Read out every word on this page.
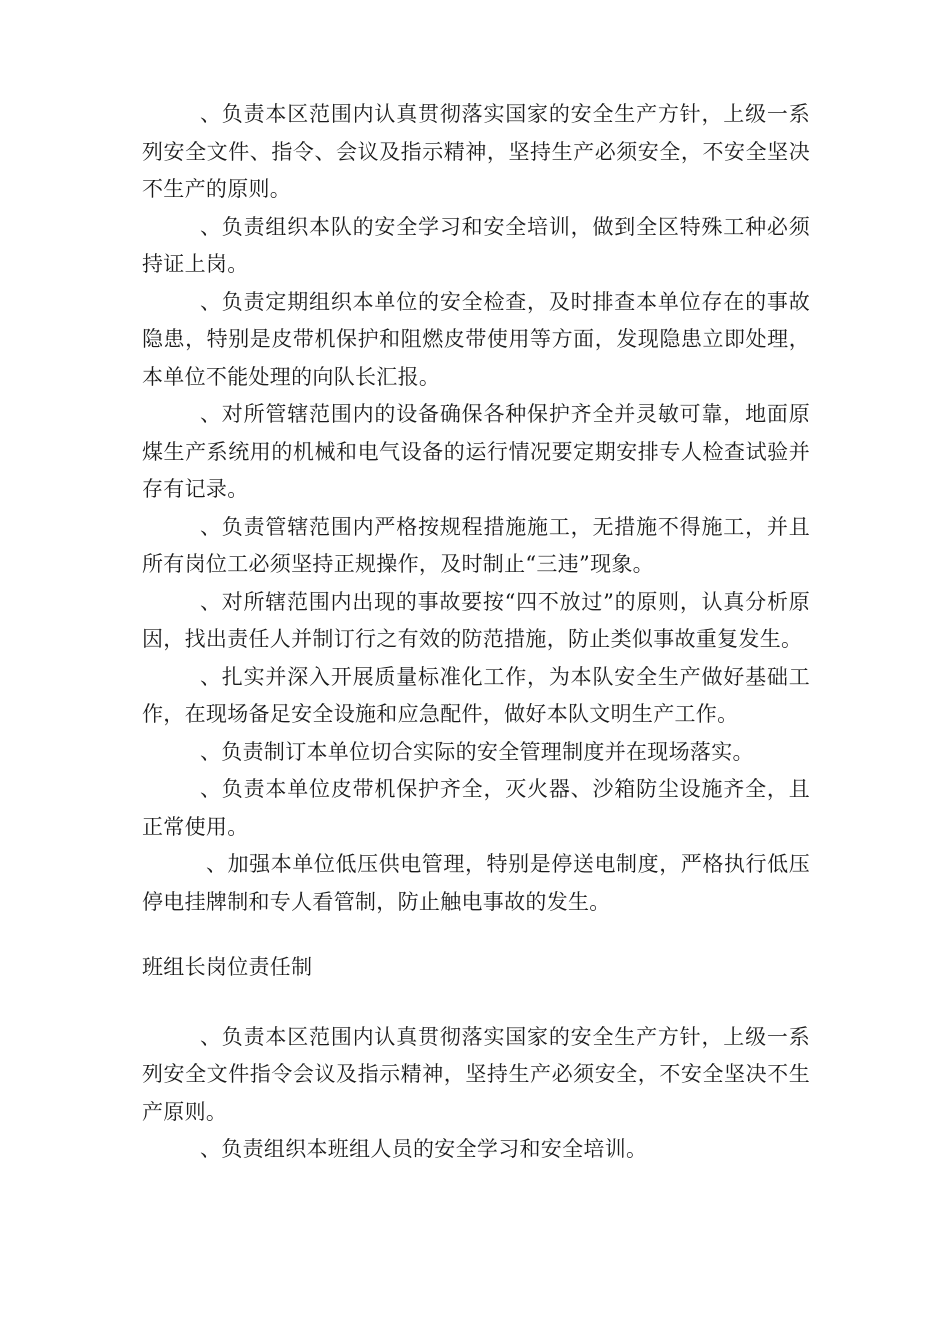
、负责本区范围内认真贯彻落实国家的安全生产方针，上级一系列安全文件、指令、会议及指示精神，坚持生产必须安全，不安全坚决不生产的原则。

、负责组织本队的安全学习和安全培训，做到全区特殊工种必须持证上岗。

、负责定期组织本单位的安全检查，及时排查本单位存在的事故隐患，特别是皮带机保护和阻燃皮带使用等方面，发现隐患立即处理，本单位不能处理的向队长汇报。

、对所管辖范围内的设备确保各种保护齐全并灵敏可靠，地面原煤生产系统用的机械和电气设备的运行情况要定期安排专人检查试验并存有记录。

、负责管辖范围内严格按规程措施施工，无措施不得施工，并且所有岗位工必须坚持正规操作，及时制止“三违”现象。

、对所辖范围内出现的事故要按“四不放过”的原则，认真分析原因，找出责任人并制订行之有效的防范措施，防止类似事故重复发生。

、扎实并深入开展质量标准化工作，为本队安全生产做好基础工作，在现场备足安全设施和应急配件，做好本队文明生产工作。

、负责制订本单位切合实际的安全管理制度并在现场落实。

、负责本单位皮带机保护齐全，灭火器、沙箱防尘设施齐全，且正常使用。

、加强本单位低压供电管理，特别是停送电制度，严格执行低压停电挂牌制和专人看管制，防止触电事故的发生。

班组长岗位责任制

、负责本区范围内认真贯彻落实国家的安全生产方针，上级一系列安全文件指令会议及指示精神，坚持生产必须安全，不安全坚决不生产原则。

、负责组织本班组人员的安全学习和安全培训。
